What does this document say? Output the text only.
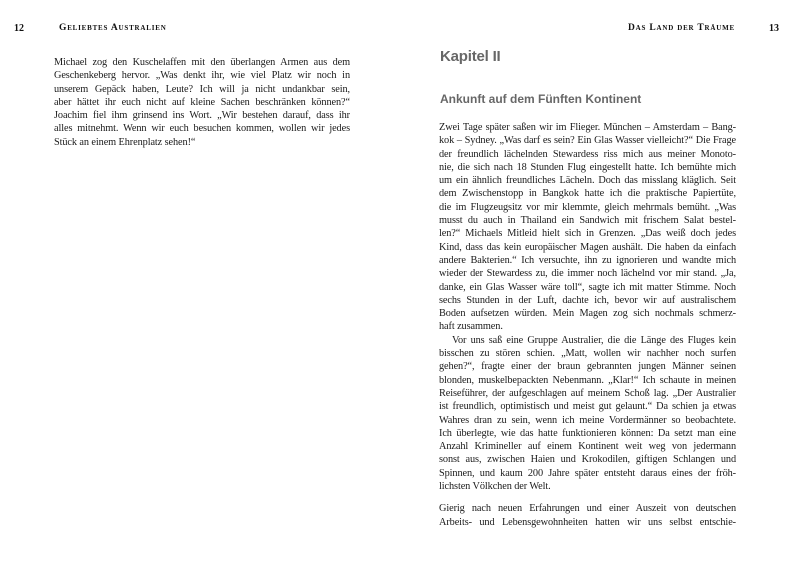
12	Geliebtes Australien	Das Land der Träume	13
Kapitel II
Ankunft auf dem Fünften Kontinent
Michael zog den Kuschelaffen mit den überlangen Armen aus dem
Geschenkeberg hervor. „Was denkt ihr, wie viel Platz wir noch in
unserem Gepäck haben, Leute? Ich will ja nicht undankbar sein,
aber hättet ihr euch nicht auf kleine Sachen beschränken können?“
Joachim fiel ihm grinsend ins Wort. „Wir bestehen darauf, dass ihr
alles mitnehmt. Wenn wir euch besuchen kommen, wollen wir jedes
Stück an einem Ehrenplatz sehen!“
Zwei Tage später saßen wir im Flieger. München – Amsterdam – Bang-
kok – Sydney. „Was darf es sein? Ein Glas Wasser vielleicht?“ Die Frage
der freundlich lächelnden Stewardess riss mich aus meiner Monoto-
nie, die sich nach 18 Stunden Flug eingestellt hatte. Ich bemühte mich
um ein ähnlich freundliches Lächeln. Doch das misslang kläglich. Seit
dem Zwischenstopp in Bangkok hatte ich die praktische Papiertüte,
die im Flugzeugsitz vor mir klemmte, gleich mehrmals bemüht. „Was
musst du auch in Thailand ein Sandwich mit frischem Salat bestel-
len?“ Michaels Mitleid hielt sich in Grenzen. „Das weiß doch jedes
Kind, dass das kein europäischer Magen aushält. Die haben da einfach
andere Bakterien.“ Ich versuchte, ihn zu ignorieren und wandte mich
wieder der Stewardess zu, die immer noch lächelnd vor mir stand. „Ja,
danke, ein Glas Wasser wäre toll“, sagte ich mit matter Stimme. Noch
sechs Stunden in der Luft, dachte ich, bevor wir auf australischem
Boden aufsetzen würden. Mein Magen zog sich nochmals schmerz-
haft zusammen.
Vor uns saß eine Gruppe Australier, die die Länge des Fluges kein
bisschen zu stören schien. „Matt, wollen wir nachher noch surfen
gehen?“, fragte einer der braun gebrannten jungen Männer seinen
blonden, muskelbepackten Nebenmann. „Klar!“ Ich schaute in meinen
Reiseführer, der aufgeschlagen auf meinem Schoß lag. „Der Australier
ist freundlich, optimistisch und meist gut gelaunt.“ Da schien ja etwas
Wahres dran zu sein, wenn ich meine Vordermänner so beobachtete.
Ich überlegte, wie das hatte funktionieren können: Da setzt man eine
Anzahl Krimineller auf einem Kontinent weit weg von jedermann
sonst aus, zwischen Haien und Krokodilen, giftigen Schlangen und
Spinnen, und kaum 200 Jahre später entsteht daraus eines der fröh-
lichsten Völkchen der Welt.
Gierig nach neuen Erfahrungen und einer Auszeit von deutschen
Arbeits- und Lebensgewohnheiten hatten wir uns selbst entschie-
